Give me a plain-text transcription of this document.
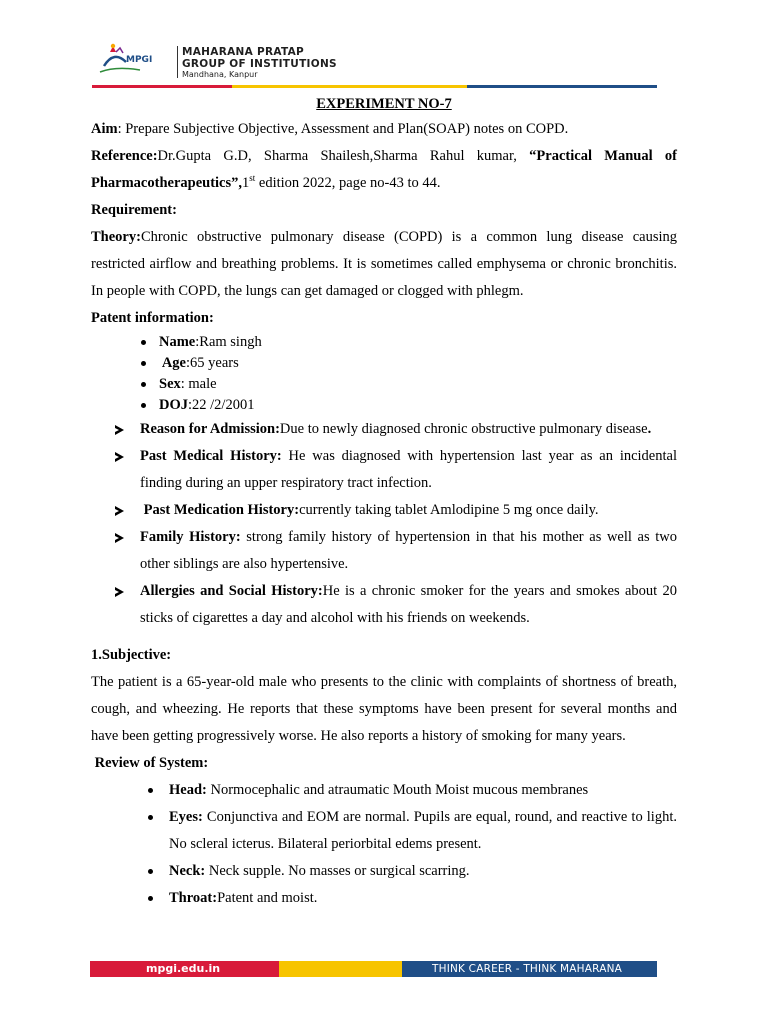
MPGI
MAHARANA PRATAP
GROUP OF INSTITUTIONS
Mandhana, Kanpur

EXPERIMENT NO-7

Aim: Prepare Subjective Objective, Assessment and Plan(SOAP) notes on COPD.

Reference:Dr.Gupta G.D, Sharma Shailesh,Sharma Rahul kumar, “Practical Manual of Pharmacotherapeutics”,1st edition 2022, page no-43 to 44.

Requirement:

Theory:Chronic obstructive pulmonary disease (COPD) is a common lung disease causing restricted airflow and breathing problems. It is sometimes called emphysema or chronic bronchitis. In people with COPD, the lungs can get damaged or clogged with phlegm.

Patent information:

Name:Ram singh
Age:65 years
Sex: male
DOJ:22 /2/2001
Reason for Admission:Due to newly diagnosed chronic obstructive pulmonary disease.
Past Medical History: He was diagnosed with hypertension last year as an incidental finding during an upper respiratory tract infection.
Past Medication History:currently taking tablet Amlodipine 5 mg once daily.
Family History: strong family history of hypertension in that his mother as well as two other siblings are also hypertensive.
Allergies and Social History:He is a chronic smoker for the years and smokes about 20 sticks of cigarettes a day and alcohol with his friends on weekends.

1.Subjective:

The patient is a 65-year-old male who presents to the clinic with complaints of shortness of breath, cough, and wheezing. He reports that these symptoms have been present for several months and have been getting progressively worse. He also reports a history of smoking for many years.

Review of System:

Head: Normocephalic and atraumatic Mouth Moist mucous membranes
Eyes: Conjunctiva and EOM are normal. Pupils are equal, round, and reactive to light. No scleral icterus. Bilateral periorbital edems present.
Neck: Neck supple. No masses or surgical scarring.
Throat:Patent and moist.
mpgi.edu.in	THINK CAREER - THINK MAHARANA
